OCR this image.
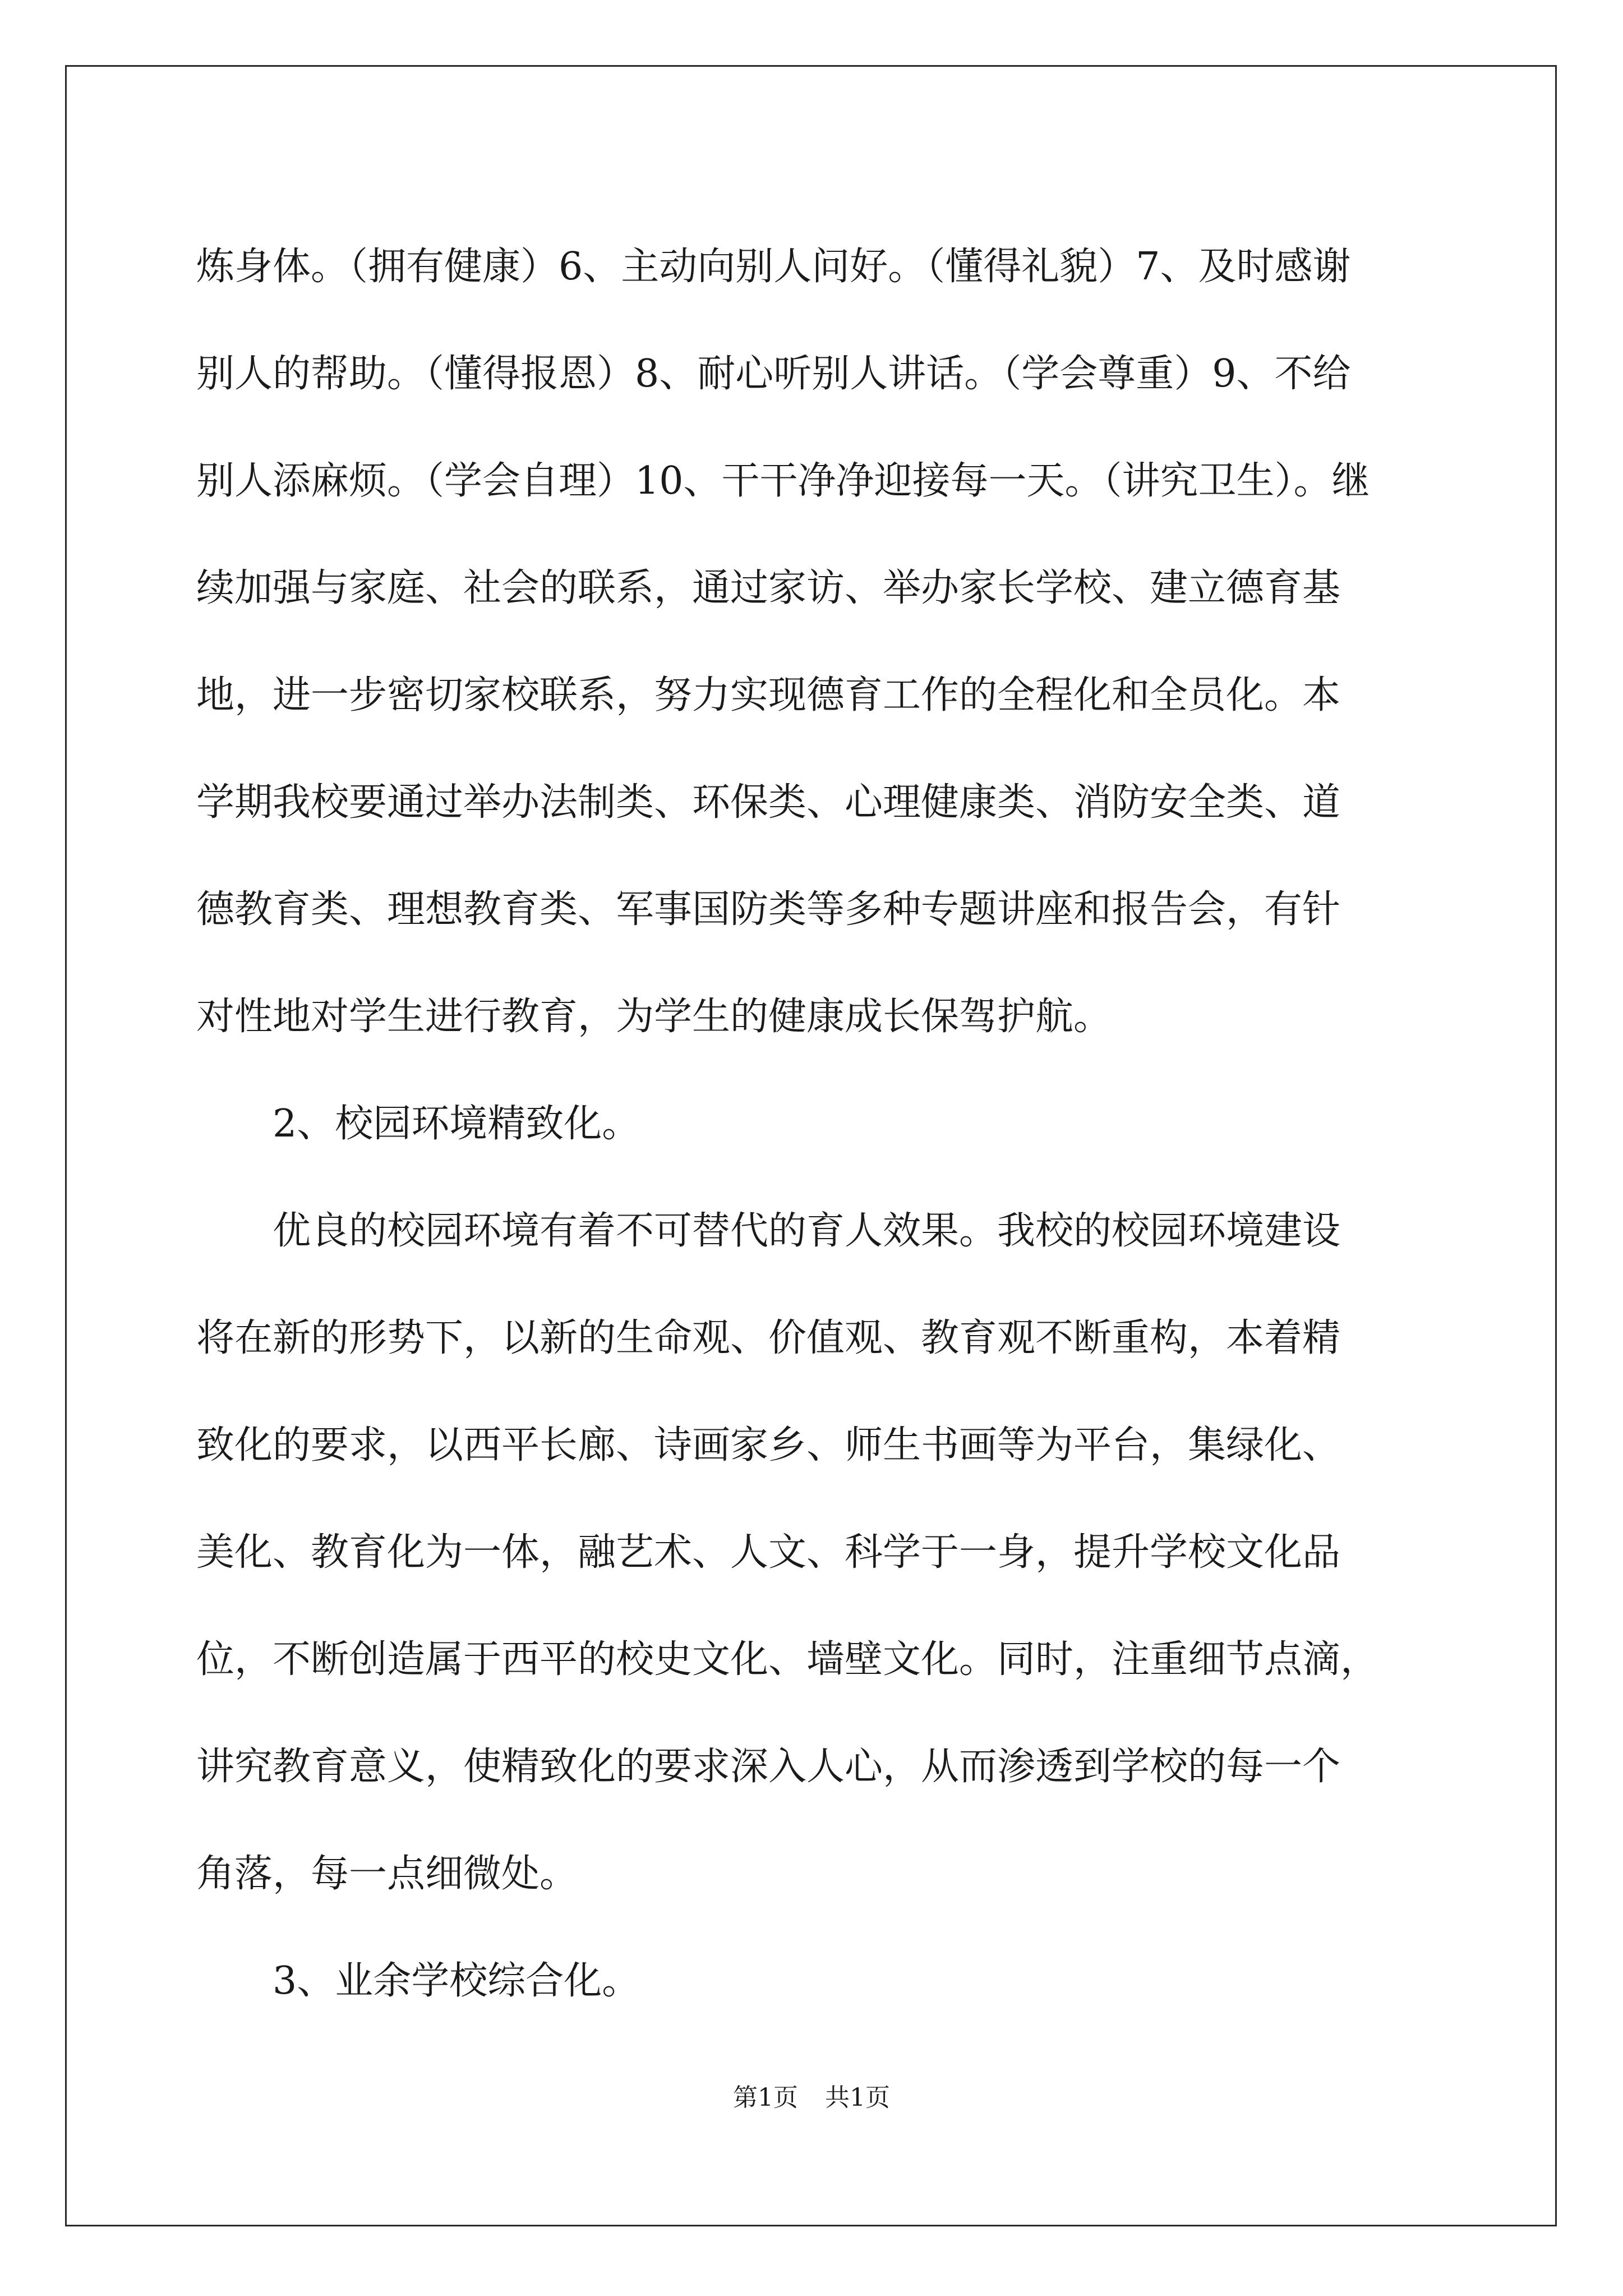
炼身体。（拥有健康）6、主动向别人问好。（懂得礼貌）7、及时感谢
别人的帮助。（懂得报恩）8、耐心听别人讲话。（学会尊重）9、不给
别人添麻烦。（学会自理）10、干干净净迎接每一天。（讲究卫生）。继
续加强与家庭、社会的联系，通过家访、举办家长学校、建立德育基
地，进一步密切家校联系，努力实现德育工作的全程化和全员化。本
学期我校要通过举办法制类、环保类、心理健康类、消防安全类、道
德教育类、理想教育类、军事国防类等多种专题讲座和报告会，有针
对性地对学生进行教育，为学生的健康成长保驾护航。

2、校园环境精致化。

优良的校园环境有着不可替代的育人效果。我校的校园环境建设
将在新的形势下，以新的生命观、价值观、教育观不断重构，本着精
致化的要求，以西平长廊、诗画家乡、师生书画等为平台，集绿化、
美化、教育化为一体，融艺术、人文、科学于一身，提升学校文化品
位，不断创造属于西平的校史文化、墙壁文化。同时，注重细节点滴，
讲究教育意义，使精致化的要求深入人心，从而渗透到学校的每一个
角落，每一点细微处。

3、业余学校综合化。

第1页 共1页
